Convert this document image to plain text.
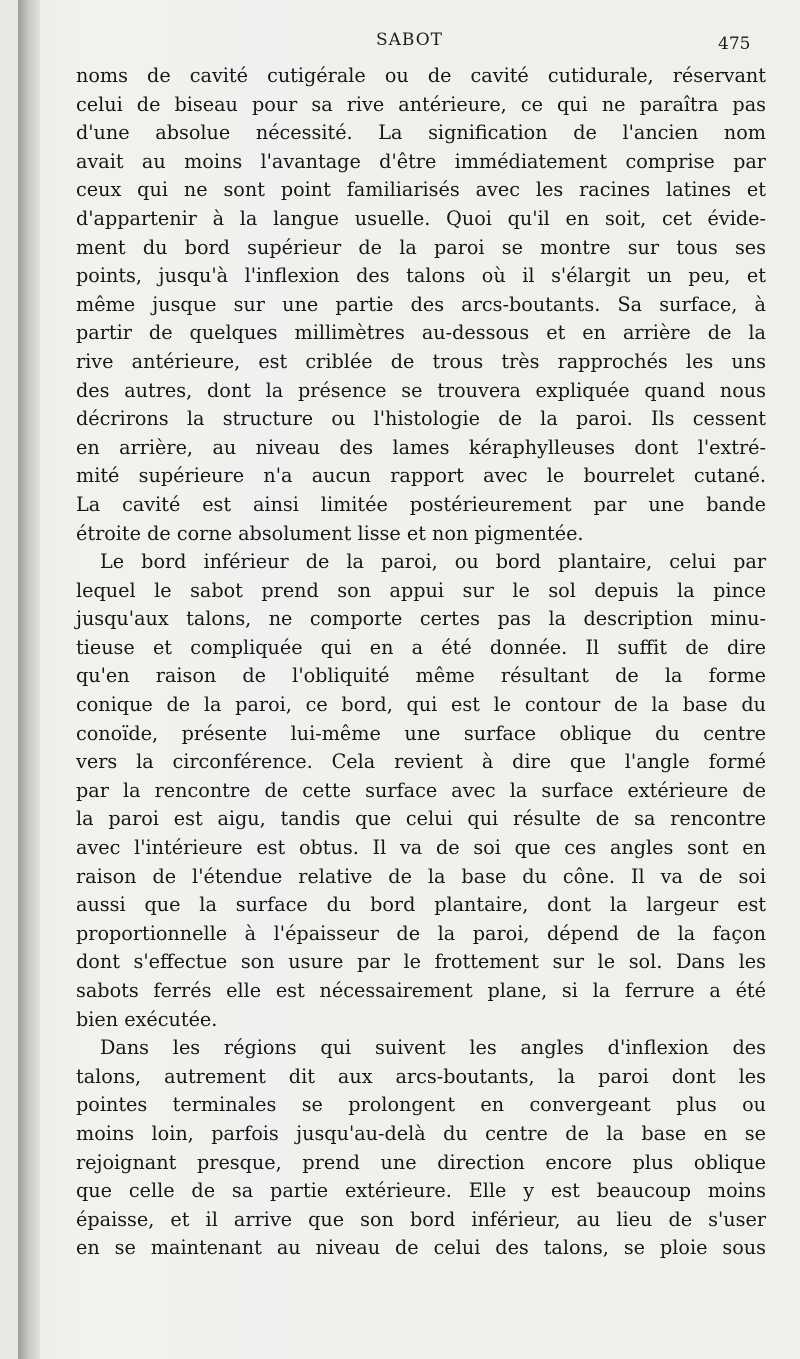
SABOT	475

noms de cavité cutigérale ou de cavité cutidurale, réservant
celui de biseau pour sa rive antérieure, ce qui ne paraîtra pas
d'une absolue nécessité. La signification de l'ancien nom
avait au moins l'avantage d'être immédiatement comprise par
ceux qui ne sont point familiarisés avec les racines latines et
d'appartenir à la langue usuelle. Quoi qu'il en soit, cet évide-
ment du bord supérieur de la paroi se montre sur tous ses
points, jusqu'à l'inflexion des talons où il s'élargit un peu, et
même jusque sur une partie des arcs-boutants. Sa surface, à
partir de quelques millimètres au-dessous et en arrière de la
rive antérieure, est criblée de trous très rapprochés les uns
des autres, dont la présence se trouvera expliquée quand nous
décrirons la structure ou l'histologie de la paroi. Ils cessent
en arrière, au niveau des lames kéraphylleuses dont l'extré-
mité supérieure n'a aucun rapport avec le bourrelet cutané.
La cavité est ainsi limitée postérieurement par une bande
étroite de corne absolument lisse et non pigmentée.

Le bord inférieur de la paroi, ou bord plantaire, celui par
lequel le sabot prend son appui sur le sol depuis la pince
jusqu'aux talons, ne comporte certes pas la description minu-
tieuse et compliquée qui en a été donnée. Il suffit de dire
qu'en raison de l'obliquité même résultant de la forme
conique de la paroi, ce bord, qui est le contour de la base du
conoïde, présente lui-même une surface oblique du centre
vers la circonférence. Cela revient à dire que l'angle formé
par la rencontre de cette surface avec la surface extérieure de
la paroi est aigu, tandis que celui qui résulte de sa rencontre
avec l'intérieure est obtus. Il va de soi que ces angles sont en
raison de l'étendue relative de la base du cône. Il va de soi
aussi que la surface du bord plantaire, dont la largeur est
proportionnelle à l'épaisseur de la paroi, dépend de la façon
dont s'effectue son usure par le frottement sur le sol. Dans les
sabots ferrés elle est nécessairement plane, si la ferrure a été
bien exécutée.

Dans les régions qui suivent les angles d'inflexion des
talons, autrement dit aux arcs-boutants, la paroi dont les
pointes terminales se prolongent en convergeant plus ou
moins loin, parfois jusqu'au-delà du centre de la base en se
rejoignant presque, prend une direction encore plus oblique
que celle de sa partie extérieure. Elle y est beaucoup moins
épaisse, et il arrive que son bord inférieur, au lieu de s'user
en se maintenant au niveau de celui des talons, se ploie sous
